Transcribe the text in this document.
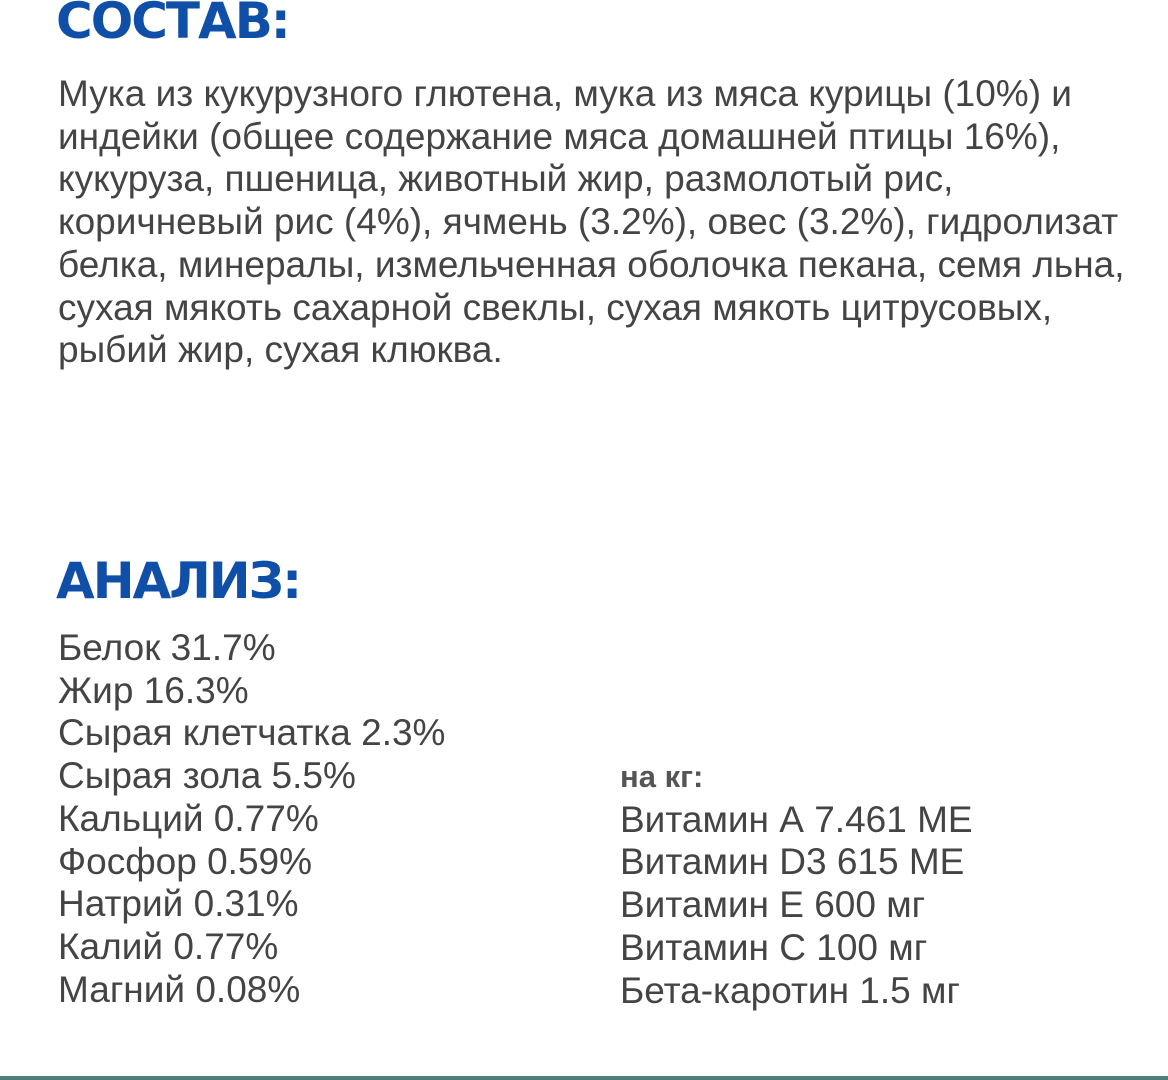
СОСТАВ:

Мука из кукурузного глютена, мука из мяса курицы (10%) и индейки (общее содержание мяса домашней птицы 16%), кукуруза, пшеница, животный жир, размолотый рис, коричневый рис (4%), ячмень (3.2%), овес (3.2%), гидролизат белка, минералы, измельченная оболочка пекана, семя льна, сухая мякоть сахарной свеклы, сухая мякоть цитрусовых, рыбий жир, сухая клюква.

АНАЛИЗ:
Белок 31.7%
Жир 16.3%
Сырая клетчатка 2.3%
Сырая зола 5.5%
Кальций 0.77%
Фосфор 0.59%
Натрий 0.31%
Калий 0.77%
Магний 0.08%
на кг:
Витамин А 7.461 МЕ
Витамин D3 615 МЕ
Витамин Е 600 мг
Витамин С 100 мг
Бета-каротин 1.5 мг
